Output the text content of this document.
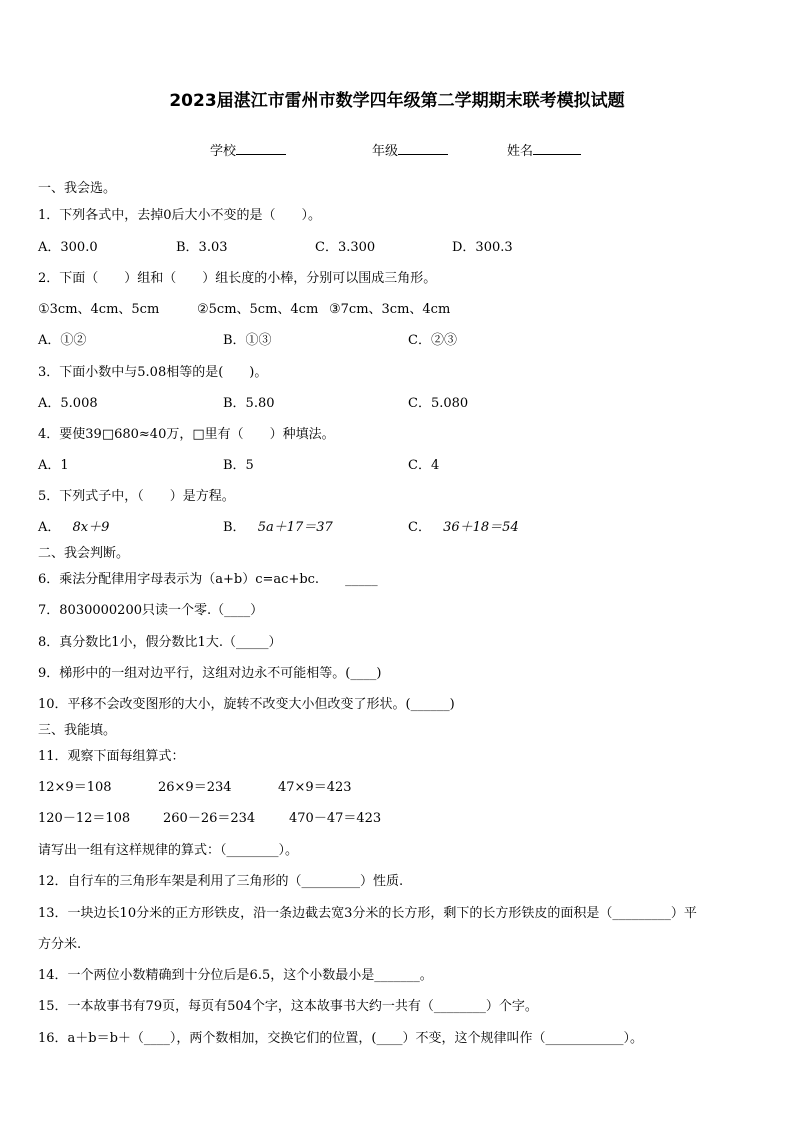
2023届湛江市雷州市数学四年级第二学期期末联考模拟试题
学校	年级	姓名
一、我会选。
1．下列各式中，去掉0后大小不变的是（　　）。
A．300.0	B．3.03	C．3.300	D．300.3
2．下面（　　）组和（　　）组长度的小棒，分别可以围成三角形。
①3cm、4cm、5cm	②5cm、5cm、4cm ③7cm、3cm、4cm
A．①②	B．①③	C．②③
3．下面小数中与5.08相等的是(　　)。
A．5.008	B．5.80	C．5.080
4．要使39□680≈40万，□里有（　　）种填法。
A．1	B．5	C．4
5．下列式子中，（　　）是方程。
A． 8x＋9	B． 5a＋17＝37	C． 36＋18＝54
二、我会判断。
6．乘法分配律用字母表示为（a+b）c=ac+bc.　　_____
7．8030000200只读一个零.（____）
8．真分数比1小，假分数比1大.（_____）
9．梯形中的一组对边平行，这组对边永不可能相等。(____)
10．平移不会改变图形的大小，旋转不改变大小但改变了形状。(______)
三、我能填。
11．观察下面每组算式：
12×9＝108	26×9＝234	47×9＝423
120－12＝108	260－26＝234	470－47＝423
请写出一组有这样规律的算式：（________）。
12．自行车的三角形车架是利用了三角形的（_________）性质.
13．一块边长10分米的正方形铁皮，沿一条边截去宽3分米的长方形，剩下的长方形铁皮的面积是（_________）平
方分米.
14．一个两位小数精确到十分位后是6.5，这个小数最小是_______。
15．一本故事书有79页，每页有504个字，这本故事书大约一共有（________）个字。
16．a＋b＝b＋（____），两个数相加，交换它们的位置，(____）不变，这个规律叫作（____________）。
